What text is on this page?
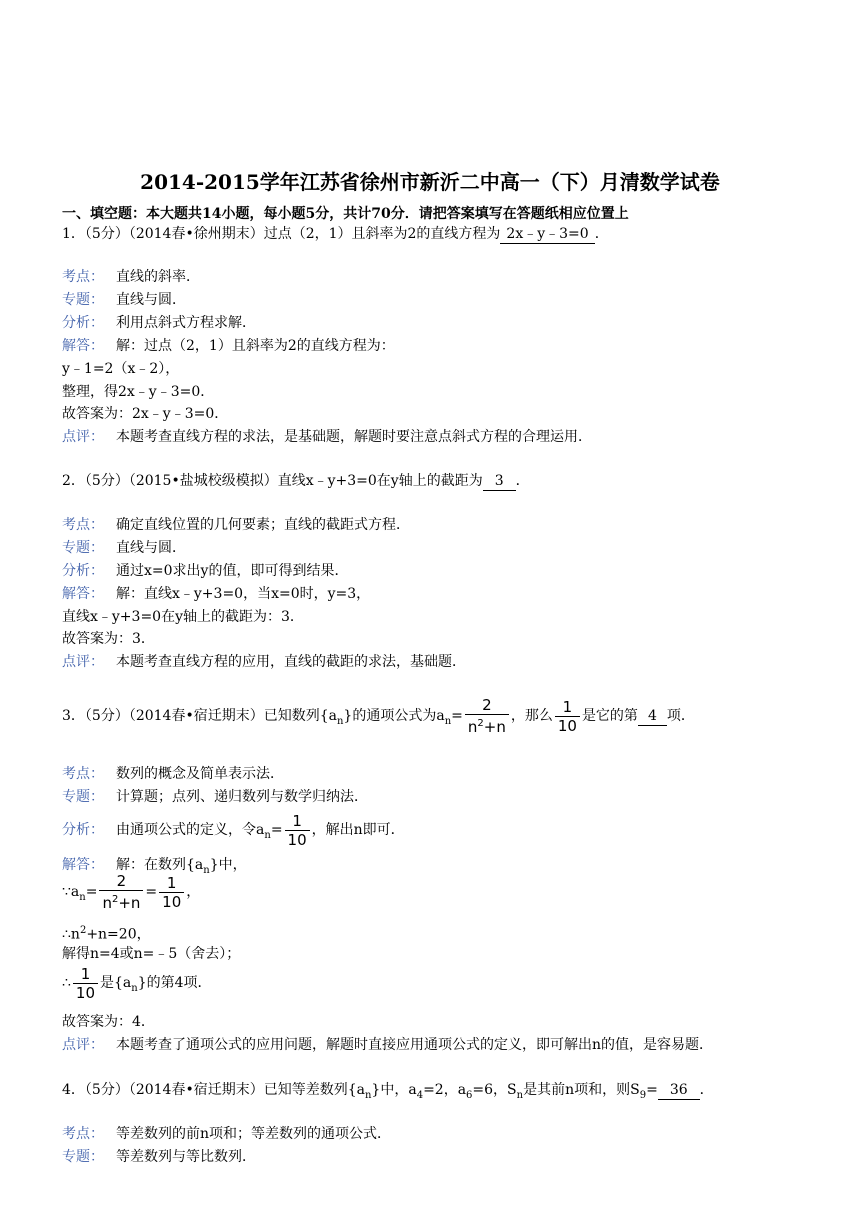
2014-2015学年江苏省徐州市新沂二中高一（下）月清数学试卷
一、填空题：本大题共14小题，每小题5分，共计70分．请把答案填写在答题纸相应位置上
1．（5分）（2014春•徐州期末）过点（2，1）且斜率为2的直线方程为 2x﹣y﹣3=0 ．
考点： 直线的斜率．
专题： 直线与圆．
分析： 利用点斜式方程求解．
解答： 解：过点（2，1）且斜率为2的直线方程为：
y﹣1=2（x﹣2），
整理，得2x﹣y﹣3=0．
故答案为：2x﹣y﹣3=0．
点评： 本题考查直线方程的求法，是基础题，解题时要注意点斜式方程的合理运用．
2．（5分）（2015•盐城校级模拟）直线x﹣y+3=0在y轴上的截距为 3 ．
考点： 确定直线位置的几何要素；直线的截距式方程．
专题： 直线与圆．
分析： 通过x=0求出y的值，即可得到结果．
解答： 解：直线x﹣y+3=0，当x=0时，y=3，
直线x﹣y+3=0在y轴上的截距为：3．
故答案为：3．
点评： 本题考查直线方程的应用，直线的截距的求法，基础题．
3．（5分）（2014春•宿迁期末）已知数列$\{a_n\}$的通项公式为$a_n= \frac{2}{n^2+n}$ ，那么 $\frac{1}{10}$ 是它的第 4 项．
考点： 数列的概念及简单表示法．
专题： 计算题；点列、递归数列与数学归纳法．
分析： 由通项公式的定义，令$a_n= \frac{1}{10}$ ，解出n即可．
解答： 解：在数列$\{a_n\}$中，
$\because a_n= \frac{2}{n^2+n} = \frac{1}{10}$ ，
$\therefore n^2+n=20$，
解得n=4或n=﹣5（舍去）；
∴ $\frac{1}{10}$ 是$\{a_n\}$的第4项．
故答案为：4．
点评： 本题考查了通项公式的应用问题，解题时直接应用通项公式的定义，即可解出n的值，是容易题．
4．（5分）（2014春•宿迁期末）已知等差数列$\{a_n\}$中，$a_4=2$，$a_6=6$，$S_n$是其前n项和，则$S_9= 36$ ．
考点： 等差数列的前n项和；等差数列的通项公式．
专题： 等差数列与等比数列．
